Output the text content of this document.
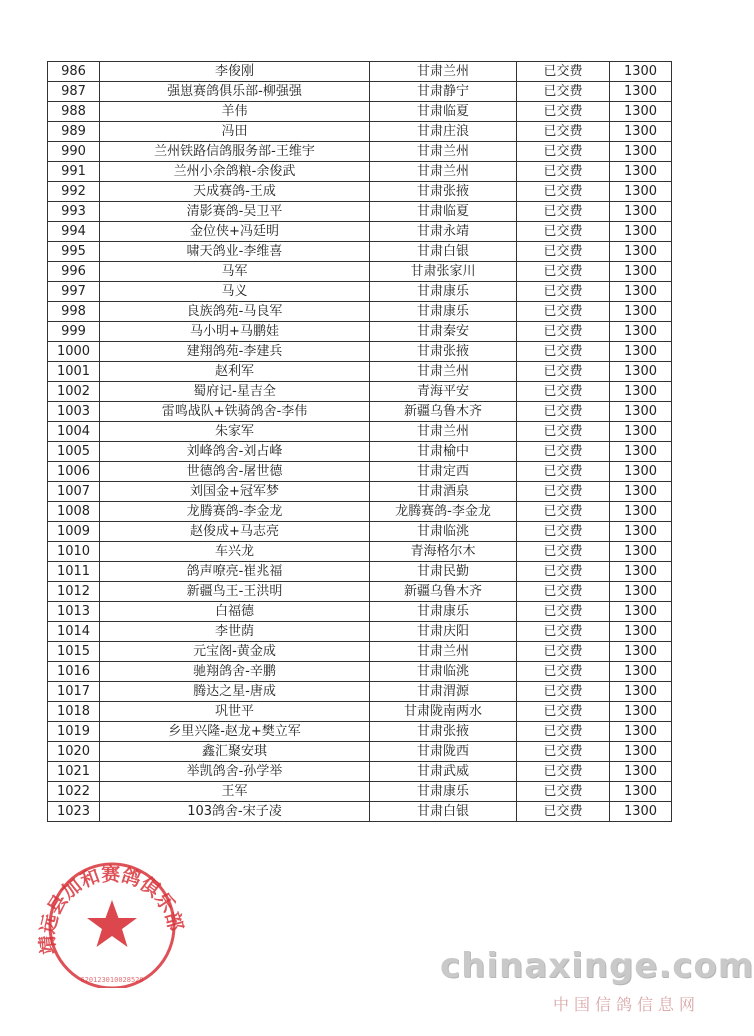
986	李俊刚	甘肃兰州	已交费	1300
987	强崽赛鸽俱乐部-柳强强	甘肃静宁	已交费	1300
988	羊伟	甘肃临夏	已交费	1300
989	冯田	甘肃庄浪	已交费	1300
990	兰州铁路信鸽服务部-王维宇	甘肃兰州	已交费	1300
991	兰州小余鸽粮-余俊武	甘肃兰州	已交费	1300
992	天成赛鸽-王成	甘肃张掖	已交费	1300
993	清影赛鸽-吴卫平	甘肃临夏	已交费	1300
994	金位侠+冯廷明	甘肃永靖	已交费	1300
995	啸天鸽业-李维喜	甘肃白银	已交费	1300
996	马军	甘肃张家川	已交费	1300
997	马义	甘肃康乐	已交费	1300
998	良族鸽苑-马良军	甘肃康乐	已交费	1300
999	马小明+马鹏娃	甘肃秦安	已交费	1300
1000	建翔鸽苑-李建兵	甘肃张掖	已交费	1300
1001	赵利军	甘肃兰州	已交费	1300
1002	蜀府记-星吉全	青海平安	已交费	1300
1003	雷鸣战队+铁骑鸽舍-李伟	新疆乌鲁木齐	已交费	1300
1004	朱家军	甘肃兰州	已交费	1300
1005	刘峰鸽舍-刘占峰	甘肃榆中	已交费	1300
1006	世德鸽舍-屠世德	甘肃定西	已交费	1300
1007	刘国金+冠军梦	甘肃酒泉	已交费	1300
1008	龙腾赛鸽-李金龙	龙腾赛鸽-李金龙	已交费	1300
1009	赵俊成+马志亮	甘肃临洮	已交费	1300
1010	车兴龙	青海格尔木	已交费	1300
1011	鸽声嘹亮-崔兆福	甘肃民勤	已交费	1300
1012	新疆鸟王-王洪明	新疆乌鲁木齐	已交费	1300
1013	白福德	甘肃康乐	已交费	1300
1014	李世荫	甘肃庆阳	已交费	1300
1015	元宝阁-黄金成	甘肃兰州	已交费	1300
1016	驰翔鸽舍-辛鹏	甘肃临洮	已交费	1300
1017	腾达之星-唐成	甘肃渭源	已交费	1300
1018	巩世平	甘肃陇南两水	已交费	1300
1019	乡里兴隆-赵龙+樊立军	甘肃张掖	已交费	1300
1020	鑫汇聚安琪	甘肃陇西	已交费	1300
1021	举凯鸽舍-孙学举	甘肃武威	已交费	1300
1022	王军	甘肃康乐	已交费	1300
1023	103鸽舍-宋子凌	甘肃白银	已交费	1300
靖远县加和赛鸽俱乐部
620123010028520	chinaxinge.com
中国信鸽信息网
